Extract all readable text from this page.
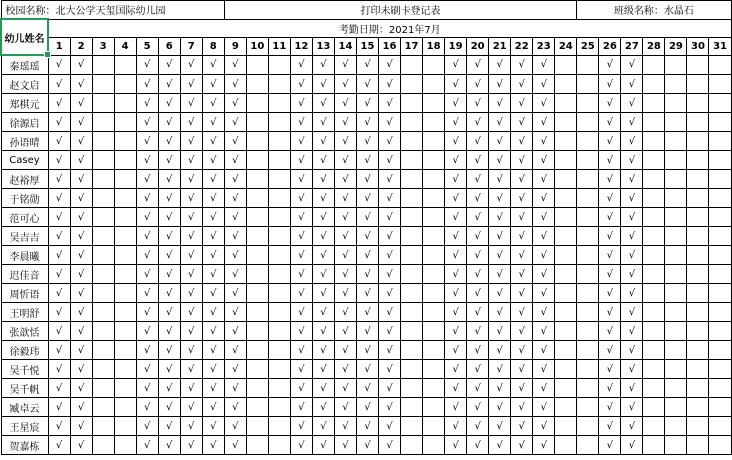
校园名称：北大公学天玺国际幼儿园									打印未刷卡登记表																班级名称：水晶石						
幼儿姓名	考勤日期：2021年7月																														
	1	2	3	4	5	6	7	8	9	10	11	12	13	14	15	16	17	18	19	20	21	22	23	24	25	26	27	28	29	30	31
秦瑶瑶	√	√			√	√	√	√	√			√	√	√	√	√			√	√	√	√	√			√	√				
赵文启	√	√			√	√	√	√	√			√	√	√	√	√			√	√	√	√	√			√	√				
郑棋元	√	√			√	√	√	√	√			√	√	√	√	√			√	√	√	√	√			√	√				
徐源启	√	√			√	√	√	√	√			√	√	√	√	√			√	√	√	√	√			√	√				
孙语晴	√	√			√	√	√	√	√			√	√	√	√	√			√	√	√	√	√			√	√				
Casey	√	√			√	√	√	√	√			√	√	√	√	√			√	√	√	√	√			√	√				
赵裕厚	√	√			√	√	√	√	√			√	√	√	√	√			√	√	√	√	√			√	√				
于铭勋	√	√			√	√	√	√	√			√	√	√	√	√			√	√	√	√	√			√	√				
范可心	√	√			√	√	√	√	√			√	√	√	√	√			√	√	√	√	√			√	√				
吴吉吉	√	√			√	√	√	√	√			√	√	√	√	√			√	√	√	√	√			√	√				
李晨曦	√	√			√	√	√	√	√			√	√	√	√	√			√	√	√	√	√			√	√				
迟佳音	√	√			√	√	√	√	√			√	√	√	√	√			√	√	√	√	√			√	√				
周忻语	√	√			√	√	√	√	√			√	√	√	√	√			√	√	√	√	√			√	√				
王明舒	√	√			√	√	√	√	√			√	√	√	√	√			√	√	√	√	√			√	√				
张歆恬	√	√			√	√	√	√	√			√	√	√	√	√			√	√	√	√	√			√	√				
徐毅玮	√	√			√	√	√	√	√			√	√	√	√	√			√	√	√	√	√			√	√				
吴千悦	√	√			√	√	√	√	√			√	√	√	√	√			√	√	√	√	√			√	√				
吴千帆	√	√			√	√	√	√	√			√	√	√	√	√			√	√	√	√	√			√	√				
臧卓云	√	√			√	√	√	√	√			√	√	√	√	√			√	√	√	√	√			√	√				
王星宸	√	√			√	√	√	√	√			√	√	√	√	√			√	√	√	√	√			√	√				
贺嘉栋	√	√			√	√	√	√	√			√	√	√	√	√			√	√	√	√	√			√	√				
